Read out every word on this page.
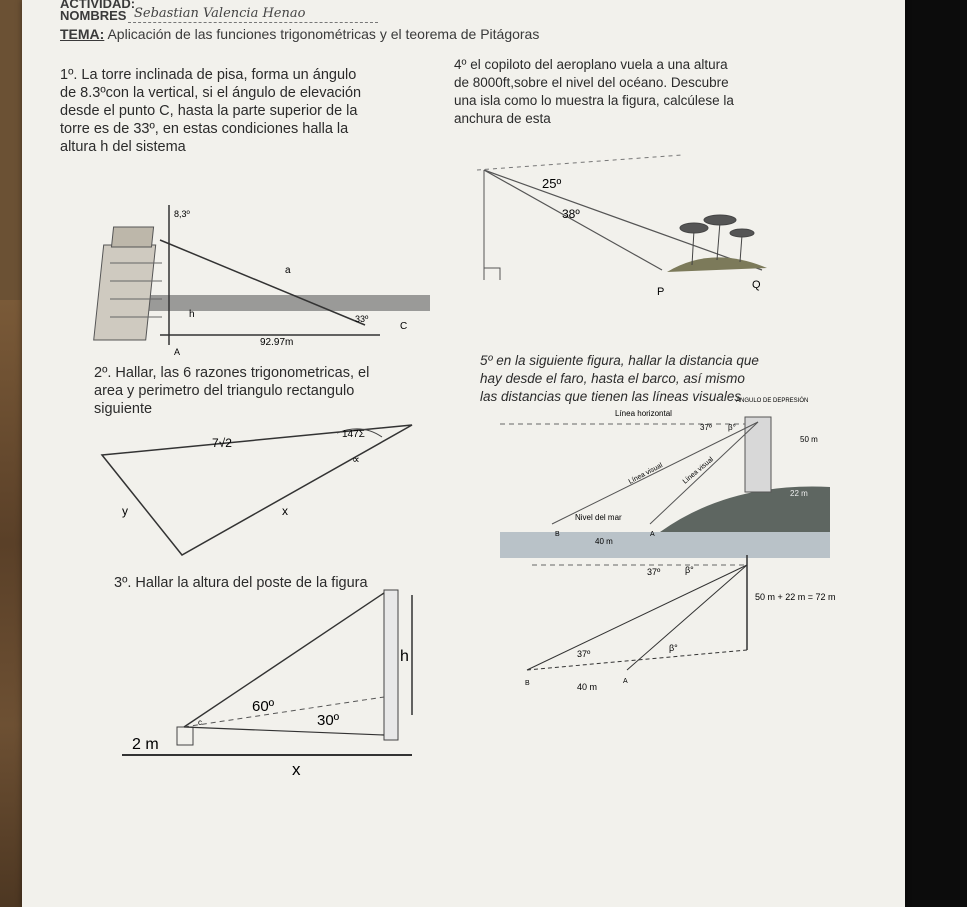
ACTIVIDAD:
NOMBRES Sebastian Valencia Henao
TEMA: Aplicación de las funciones trigonométricas y el teorema de Pitágoras
1º. La torre inclinada de pisa, forma un ángulo
de 8.3ºcon la vertical, si el ángulo de elevación
desde el punto C, hasta la parte superior de la
torre es de 33º, en estas condiciones halla la
altura h del sistema
4º el copiloto del aeroplano vuela a una altura
de 8000ft,sobre el nivel del océano. Descubre
una isla como lo muestra la figura, calcúlese la
anchura de esta
8,3º
a
h	33º
C
92.97m
A
25º
38º
P
Q
2º. Hallar, las 6 razones trigonometricas, el
area y perimetro del triangulo rectangulo
siguiente
5º en la siguiente figura, hallar la distancia que
hay desde el faro, hasta el barco, así mismo
las distancias que tienen las líneas visuales
7√2
147Σ
∝
y	x
ÁNGULO DE DEPRESIÓN
Línea horizontal
37º β°
50 m
22 m
Línea visual	Línea visual
Nivel del mar
B	A
40 m
3º. Hallar la altura del poste de la figura
h
60º
30º
c
2 m
x
37º	β°
50 m + 22 m = 72 m
37º
β°
B	A
40 m
